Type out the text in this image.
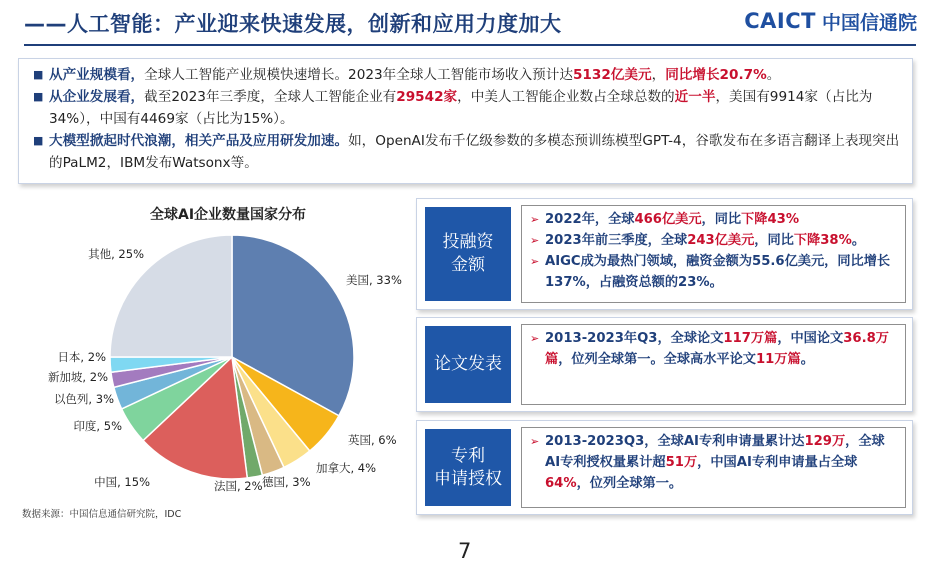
——人工智能：产业迎来快速发展，创新和应用力度加大	CAICT 中国信通院
■ 从产业规模看，全球人工智能产业规模快速增长。2023年全球人工智能市场收入预计达5132亿美元，同比增长20.7%。
■ 从企业发展看，截至2023年三季度，全球人工智能企业有29542家，中美人工智能企业数占全球总数的近一半，美国有9914家（占比为34%），中国有4469家（占比为15%）。
■ 大模型掀起时代浪潮，相关产品及应用研发加速。如，OpenAI发布千亿级参数的多模态预训练模型GPT-4，谷歌发布在多语言翻译上表现突出的PaLM2，IBM发布Watsonx等。
全球AI企业数量国家分布
美国, 33%
英国, 6%
加拿大, 4%
德国, 3%
法国, 2%
中国, 15%
印度, 5%
以色列, 3%
新加坡, 2%
日本, 2%
其他, 25%
数据来源：中国信息通信研究院，IDC
7
投融资
金额
➢ 2022年，全球466亿美元，同比下降43%
➢ 2023年前三季度，全球243亿美元，同比下降38%。
➢ AIGC成为最热门领域，融资金额为55.6亿美元，同比增长137%，占融资总额的23%。
论文发表
➢ 2013-2023年Q3，全球论文117万篇，中国论文36.8万篇，位列全球第一。全球高水平论文11万篇。
专利
申请授权
➢ 2013-2023Q3，全球AI专利申请量累计达129万，全球AI专利授权量累计超51万，中国AI专利申请量占全球64%，位列全球第一。
